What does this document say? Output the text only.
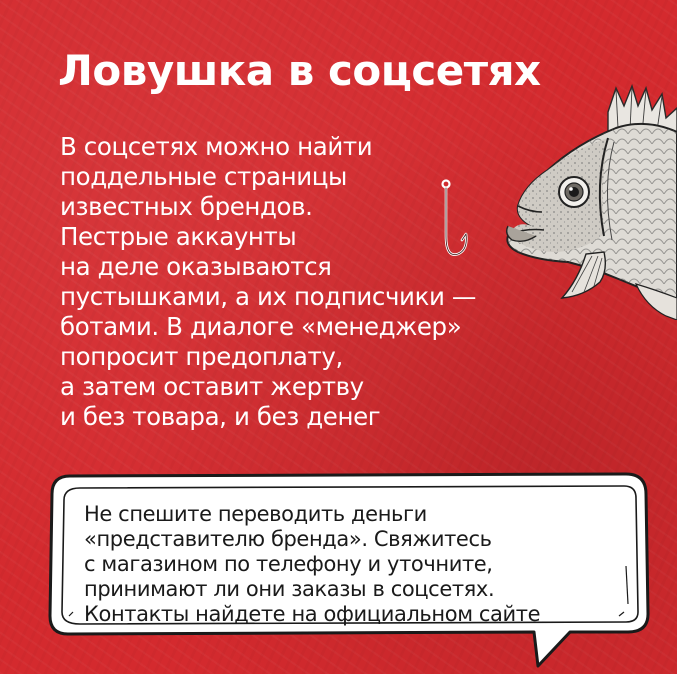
Ловушка в соцсетях
В соцсетях можно найти
поддельные страницы
известных брендов.
Пестрые аккаунты
на деле оказываются
пустышками, а их подписчики —
ботами. В диалоге «менеджер»
попросит предоплату,
а затем оставит жертву
и без товара, и без денег
Не спешите переводить деньги
«представителю бренда». Свяжитесь
с магазином по телефону и уточните,
принимают ли они заказы в соцсетях.
Контакты найдете на официальном сайте
